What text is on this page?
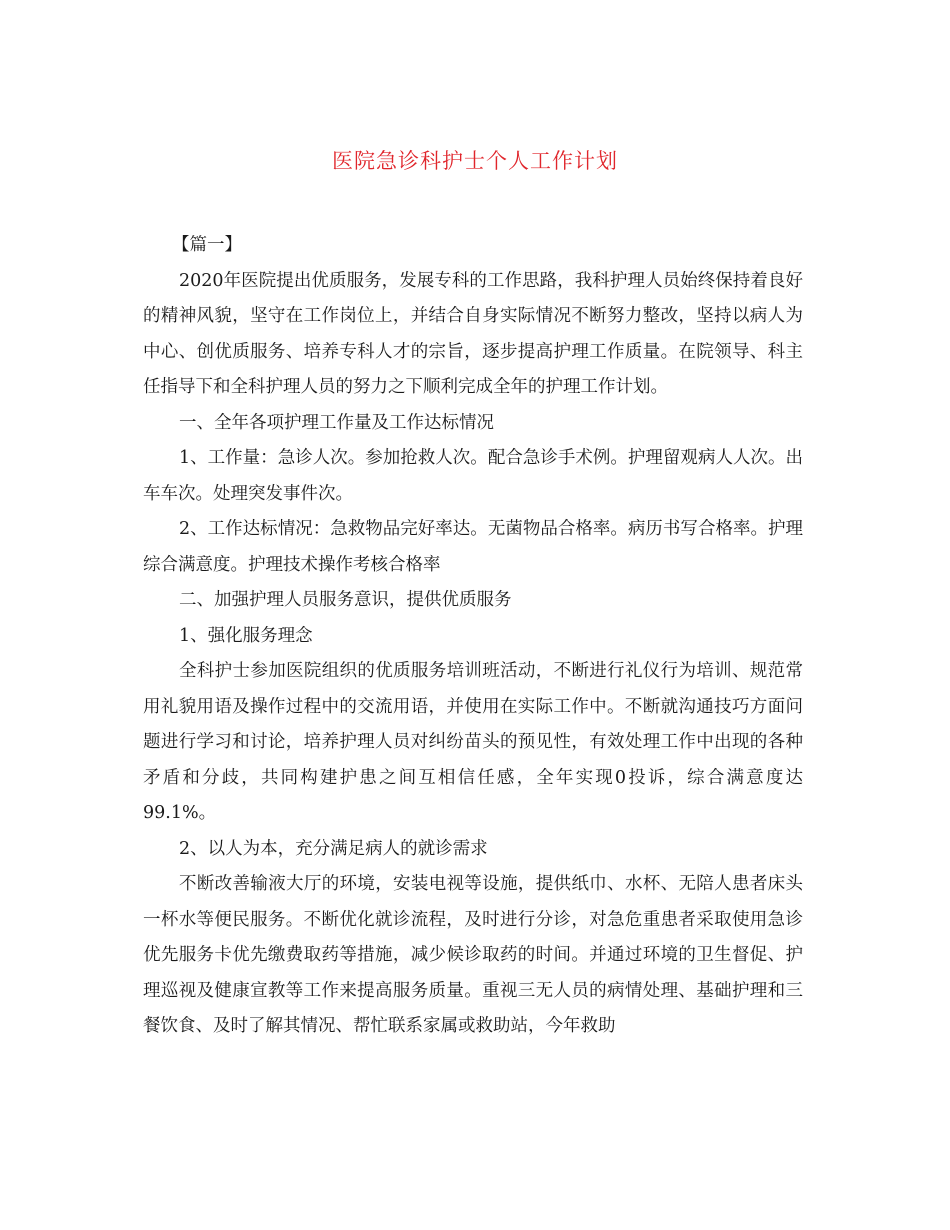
医院急诊科护士个人工作计划

【篇一】

2020年医院提出优质服务，发展专科的工作思路，我科护理人员始终保持着良好的精神风貌，坚守在工作岗位上，并结合自身实际情况不断努力整改，坚持以病人为中心、创优质服务、培养专科人才的宗旨，逐步提高护理工作质量。在院领导、科主任指导下和全科护理人员的努力之下顺利完成全年的护理工作计划。

一、全年各项护理工作量及工作达标情况

1、工作量：急诊人次。参加抢救人次。配合急诊手术例。护理留观病人人次。出车车次。处理突发事件次。

2、工作达标情况：急救物品完好率达。无菌物品合格率。病历书写合格率。护理综合满意度。护理技术操作考核合格率

二、加强护理人员服务意识，提供优质服务

1、强化服务理念

全科护士参加医院组织的优质服务培训班活动，不断进行礼仪行为培训、规范常用礼貌用语及操作过程中的交流用语，并使用在实际工作中。不断就沟通技巧方面问题进行学习和讨论，培养护理人员对纠纷苗头的预见性，有效处理工作中出现的各种矛盾和分歧，共同构建护患之间互相信任感，全年实现0投诉，综合满意度达99.1%。

2、以人为本，充分满足病人的就诊需求

不断改善输液大厅的环境，安装电视等设施，提供纸巾、水杯、无陪人患者床头一杯水等便民服务。不断优化就诊流程，及时进行分诊，对急危重患者采取使用急诊优先服务卡优先缴费取药等措施，减少候诊取药的时间。并通过环境的卫生督促、护理巡视及健康宣教等工作来提高服务质量。重视三无人员的病情处理、基础护理和三餐饮食、及时了解其情况、帮忙联系家属或救助站，今年救助
